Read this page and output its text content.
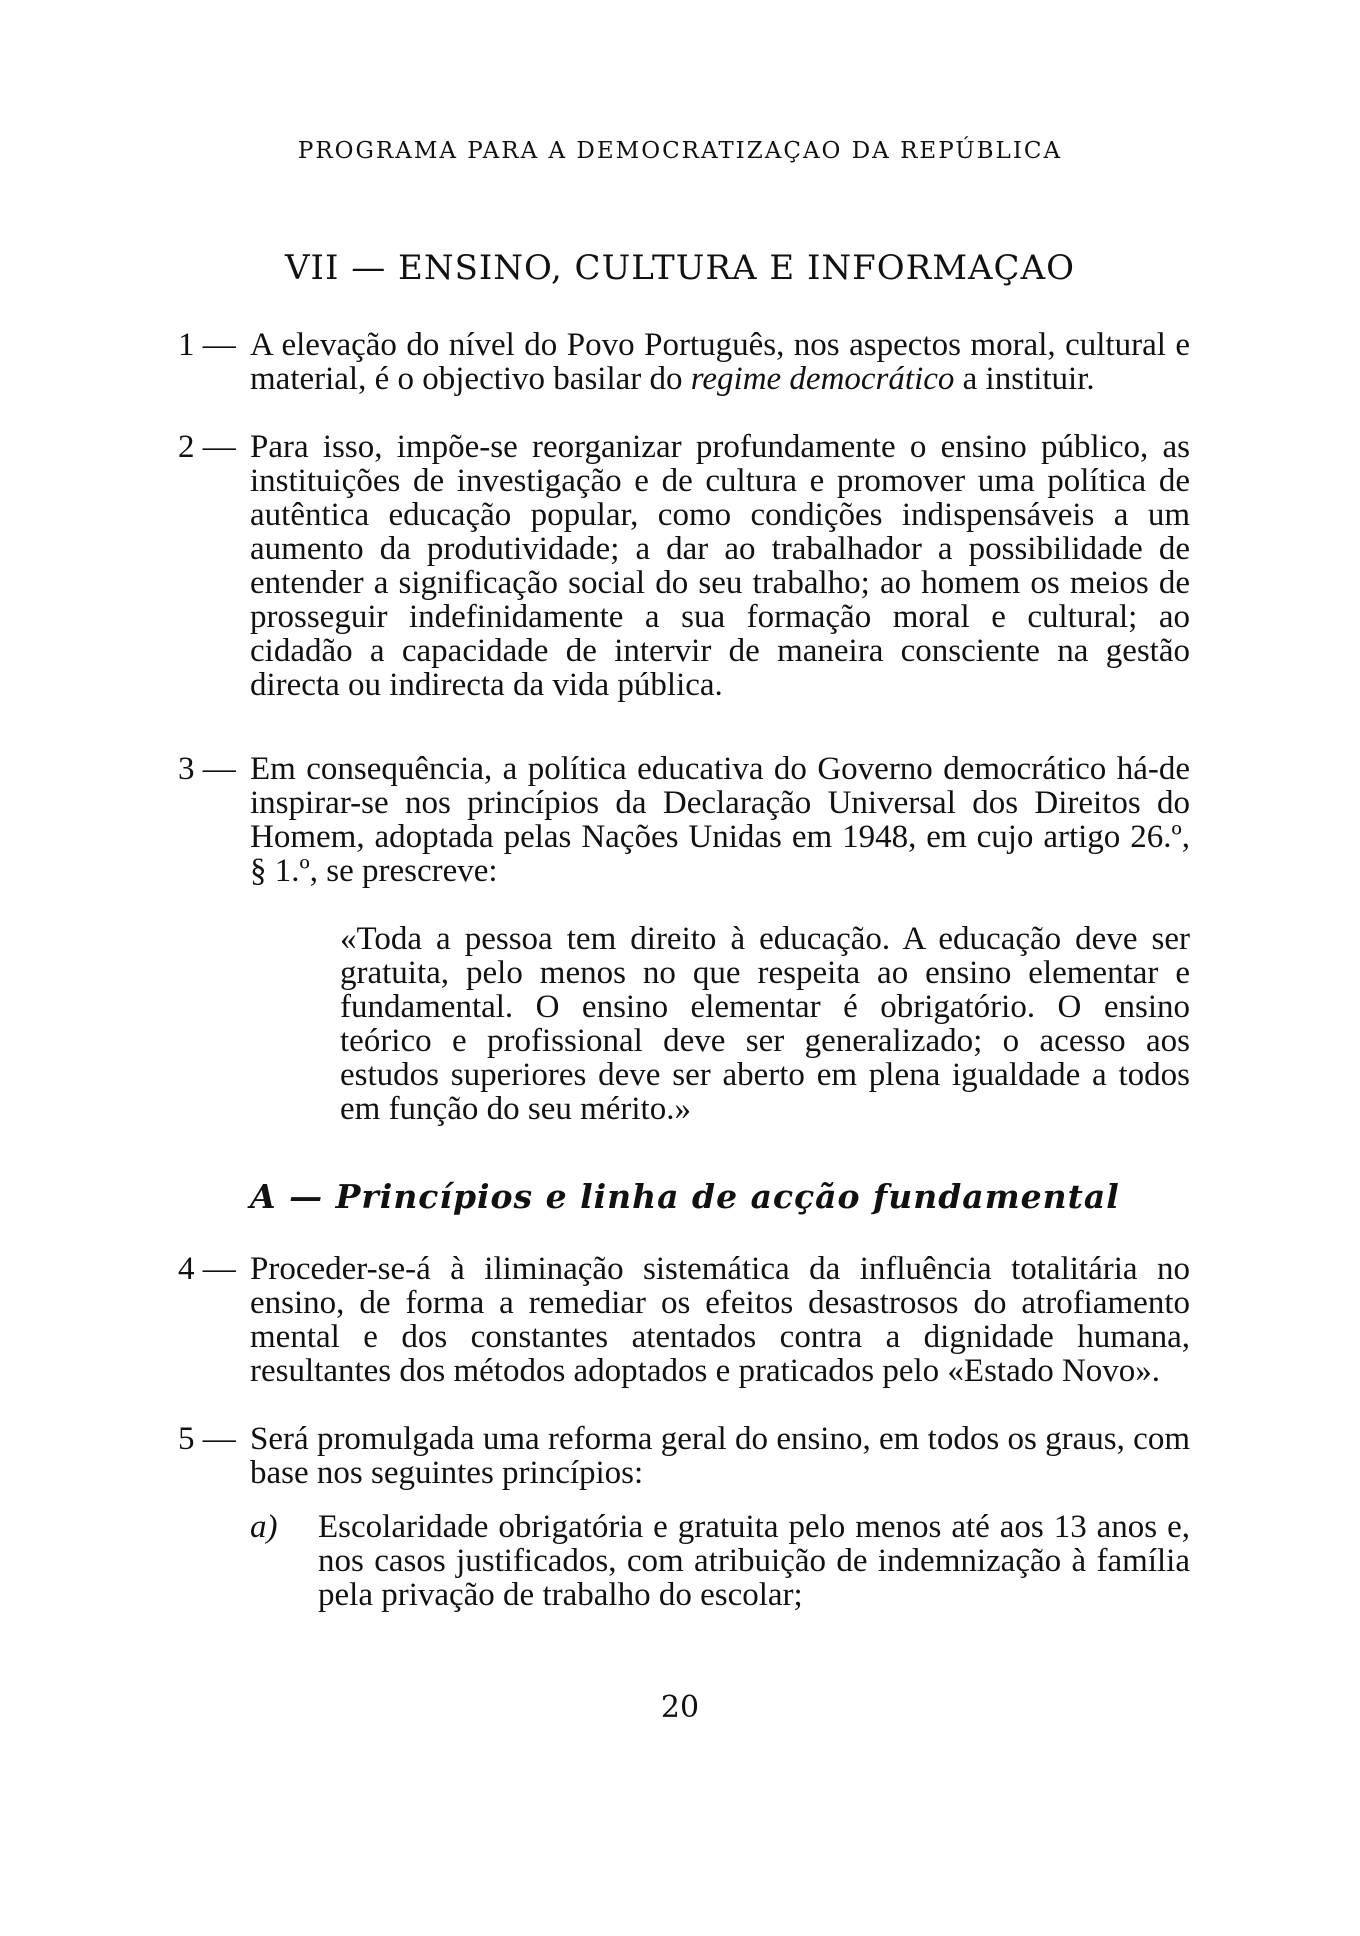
PROGRAMA PARA A DEMOCRATIZAÇAO DA REPÚBLICA
VII — ENSINO, CULTURA E INFORMAÇAO
1 — A elevação do nível do Povo Português, nos aspectos moral, cultural e material, é o objectivo basilar do regime democrático a instituir.
2 — Para isso, impõe-se reorganizar profundamente o ensino público, as instituições de investigação e de cultura e promover uma política de autêntica educação popular, como condições indispensáveis a um aumento da produtividade; a dar ao trabalhador a possibilidade de entender a significação social do seu trabalho; ao homem os meios de prosseguir indefinidamente a sua formação moral e cultural; ao cidadão a capacidade de intervir de maneira consciente na gestão directa ou indirecta da vida pública.
3 — Em consequência, a política educativa do Governo democrático há-de inspirar-se nos princípios da Declaração Universal dos Direitos do Homem, adoptada pelas Nações Unidas em 1948, em cujo artigo 26.º, § 1.º, se prescreve:
«Toda a pessoa tem direito à educação. A educação deve ser gratuita, pelo menos no que respeita ao ensino elementar e fundamental. O ensino elementar é obrigatório. O ensino teórico e profissional deve ser generalizado; o acesso aos estudos superiores deve ser aberto em plena igualdade a todos em função do seu mérito.»
A — Princípios e linha de acção fundamental
4 — Proceder-se-á à iliminação sistemática da influência totalitária no ensino, de forma a remediar os efeitos desastrosos do atrofiamento mental e dos constantes atentados contra a dignidade humana, resultantes dos métodos adoptados e praticados pelo «Estado Novo».
5 — Será promulgada uma reforma geral do ensino, em todos os graus, com base nos seguintes princípios:
a) Escolaridade obrigatória e gratuita pelo menos até aos 13 anos e, nos casos justificados, com atribuição de indemnização à família pela privação de trabalho do escolar;
20
